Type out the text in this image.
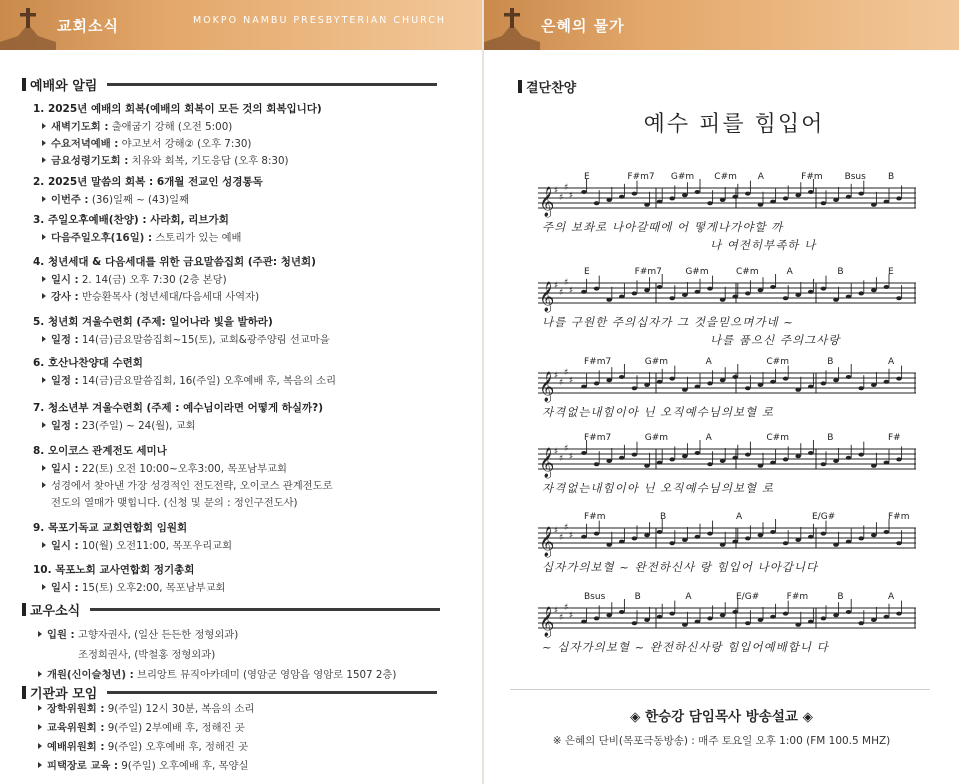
교회소식	MOKPO NAMBU PRESBYTERIAN CHURCH
예배와 알림
1. 2025년 예배의 회복(예배의 회복이 모든 것의 회복입니다)
새벽기도회 : 출애굽기 강해 (오전 5:00)
수요저녁예배 : 야고보서 강해② (오후 7:30)
금요성령기도회 : 치유와 회복, 기도응답 (오후 8:30)
2. 2025년 말씀의 회복 : 6개월 전교인 성경통독
이번주 : (36)일째 ~ (43)일째
3. 주일오후예배(찬양) : 사라회, 리브가회
다음주일오후(16일) : 스토리가 있는 예배
4. 청년세대 & 다음세대를 위한 금요말씀집회 (주관: 청년회)
일시 : 2. 14(금) 오후 7:30 (2층 본당)
강사 : 반승환목사 (청년세대/다음세대 사역자)
5. 청년회 겨울수련회 (주제: 일어나라 빛을 발하라)
일정 : 14(금)금요말씀집회~15(토), 교회&광주양림 선교마을
6. 호산나찬양대 수련회
일정 : 14(금)금요말씀집회, 16(주일) 오후예배 후, 복음의 소리
7. 청소년부 겨울수련회 (주제 : 예수님이라면 어떻게 하실까?)
일정 : 23(주일) ~ 24(월), 교회
8. 오이코스 관계전도 세미나
일시 : 22(토) 오전 10:00~오후3:00, 목포남부교회
성경에서 찾아낸 가장 성경적인 전도전략, 오이코스 관계전도로
전도의 열매가 맺힙니다. (신청 및 문의 : 정인구전도사)
9. 목포기독교 교회연합회 임원회
일시 : 10(월) 오전11:00, 목포우리교회
10. 목포노회 교사연합회 정기총회
일시 : 15(토) 오후2:00, 목포남부교회
교우소식
입원 : 고향자권사, (일산 든든한 정형외과)
조정희권사, (박철홍 정형외과)
개원(신이슬청년) : 브리앙트 뮤직아카데미 (영암군 영암읍 영암로 1507 2층)
기관과 모임
장학위원회 : 9(주일) 12시 30분, 복음의 소리
교육위원회 : 9(주일) 2부예배 후, 정해진 곳
예배위원회 : 9(주일) 오후예배 후, 정해진 곳
피택장로 교육 : 9(주일) 오후예배 후, 목양실
은혜의 물가
결단찬양
예수 피를 힘입어
𝄞 ♯
♯
♯
♯
E	F#m7 G#m C#m A	F#m Bsus B
주의 보좌로 나아갈때에 어 떻게나가야할 까
나 여전히부족하 나
𝄞 ♯
♯
♯
♯
E	F#m7	G#m	C#m	A	B	E
나를 구원한 주의십자가 그 것을믿으며가네 ~
나를 품으신 주의그사랑
𝄞 ♯
♯
♯
♯
F#m7	G#m	A	C#m	B	A
자격없는내힘이아 닌 오직예수님의보혈 로
𝄞 ♯
♯
♯
♯
F#m7	G#m	A	C#m	B	F#
자격없는내힘이아 닌 오직예수님의보혈 로
𝄞 ♯
♯
♯
♯
F#m	B	A	E/G#	F#m
십자가의보혈 ~ 완전하신사 랑 힘입어 나아갑니다
𝄞 ♯
♯
♯
♯
Bsus	B	A	E/G#	F#m	B	A
~ 십자가의보혈 ~ 완전하신사랑 힘입어예배합니 다
◈ 한승강 담임목사 방송설교 ◈
※ 은혜의 단비(목포극동방송) : 매주 토요일 오후 1:00 (FM 100.5 MHZ)
